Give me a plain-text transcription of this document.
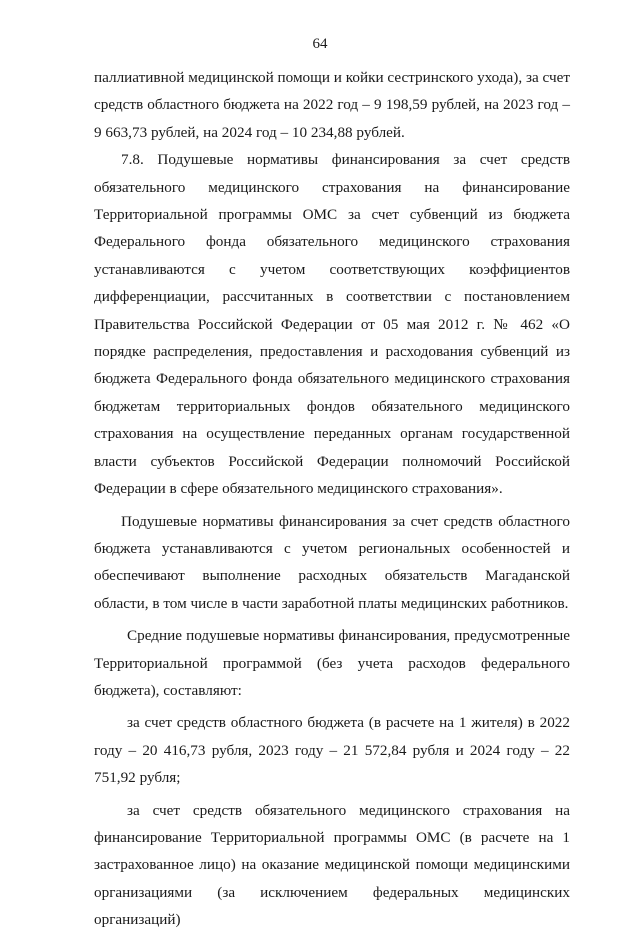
64

паллиативной медицинской помощи и койки сестринского ухода), за счет средств областного бюджета на 2022 год – 9 198,59 рублей, на 2023 год – 9 663,73 рублей, на 2024 год – 10 234,88 рублей.

7.8. Подушевые нормативы финансирования за счет средств обязательного медицинского страхования на финансирование Территориальной программы ОМС за счет субвенций из бюджета Федерального фонда обязательного медицинского страхования устанавливаются с учетом соответствующих коэффициентов дифференциации, рассчитанных в соответствии с постановлением Правительства Российской Федерации от 05 мая 2012 г. № 462 «О порядке распределения, предоставления и расходования субвенций из бюджета Федерального фонда обязательного медицинского страхования бюджетам территориальных фондов обязательного медицинского страхования на осуществление переданных органам государственной власти субъектов Российской Федерации полномочий Российской Федерации в сфере обязательного медицинского страхования».

Подушевые нормативы финансирования за счет средств областного бюджета устанавливаются с учетом региональных особенностей и обеспечивают выполнение расходных обязательств Магаданской области, в том числе в части заработной платы медицинских работников.

Средние подушевые нормативы финансирования, предусмотренные Территориальной программой (без учета расходов федерального бюджета), составляют:

за счет средств областного бюджета (в расчете на 1 жителя) в 2022 году – 20 416,73 рубля, 2023 году – 21 572,84 рубля и 2024 году – 22 751,92 рубля;

за счет средств обязательного медицинского страхования на финансирование Территориальной программы ОМС (в расчете на 1 застрахованное лицо) на оказание медицинской помощи медицинскими организациями (за исключением федеральных медицинских организаций)
